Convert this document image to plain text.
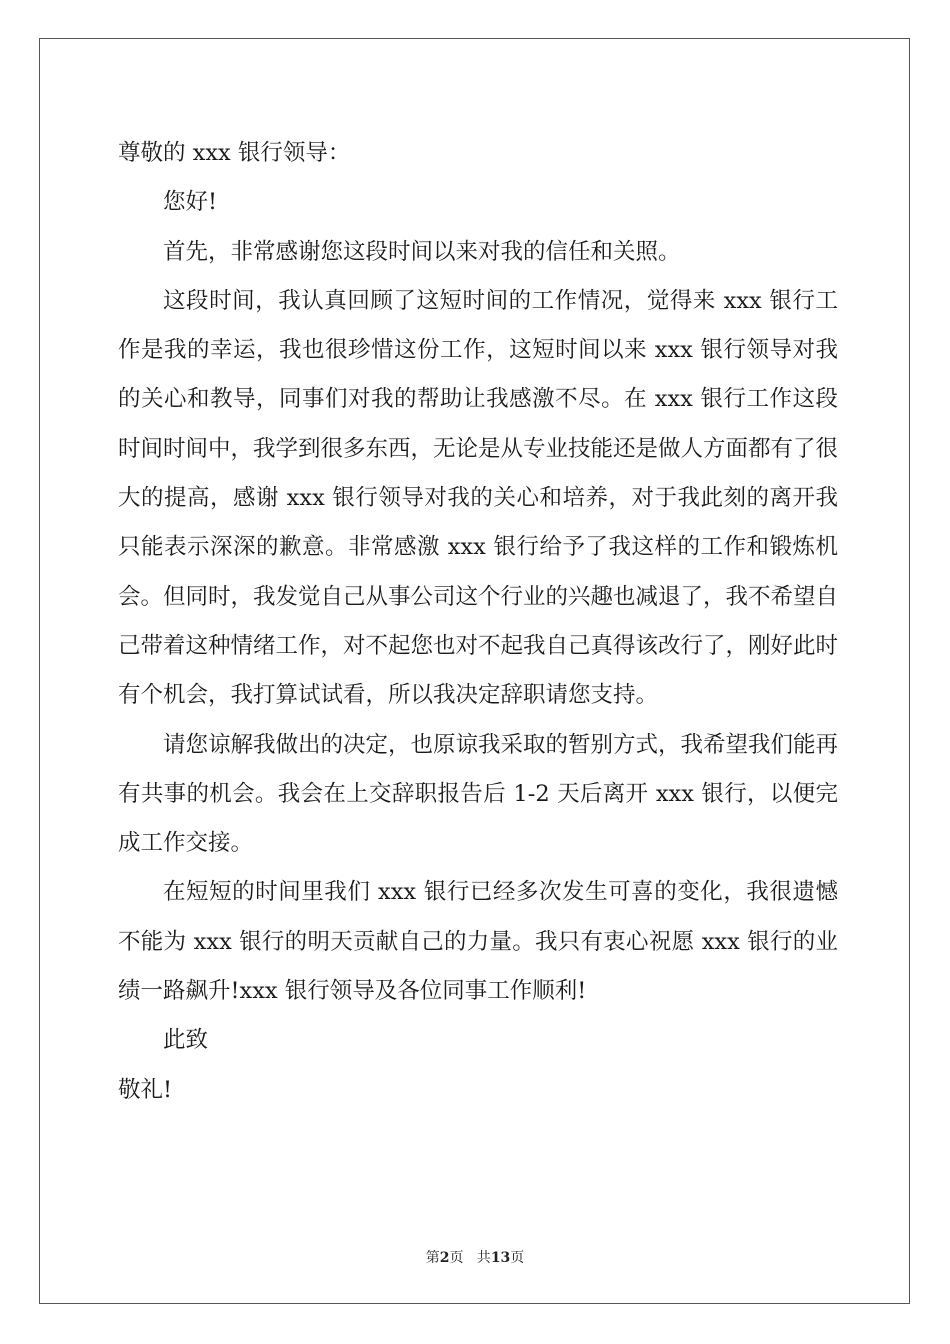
尊敬的 xxx 银行领导：

您好!

首先，非常感谢您这段时间以来对我的信任和关照。

这段时间，我认真回顾了这短时间的工作情况，觉得来 xxx 银行工作是我的幸运，我也很珍惜这份工作，这短时间以来 xxx 银行领导对我的关心和教导，同事们对我的帮助让我感激不尽。在 xxx 银行工作这段时间时间中，我学到很多东西，无论是从专业技能还是做人方面都有了很大的提高，感谢 xxx 银行领导对我的关心和培养，对于我此刻的离开我只能表示深深的歉意。非常感激 xxx 银行给予了我这样的工作和锻炼机会。但同时，我发觉自己从事公司这个行业的兴趣也减退了，我不希望自己带着这种情绪工作，对不起您也对不起我自己真得该改行了，刚好此时有个机会，我打算试试看，所以我决定辞职请您支持。

请您谅解我做出的决定，也原谅我采取的暂别方式，我希望我们能再有共事的机会。我会在上交辞职报告后 1-2 天后离开 xxx 银行，以便完成工作交接。

在短短的时间里我们 xxx 银行已经多次发生可喜的变化，我很遗憾不能为 xxx 银行的明天贡献自己的力量。我只有衷心祝愿 xxx 银行的业绩一路飙升!xxx 银行领导及各位同事工作顺利!

此致

敬礼!

第2页   共13页
